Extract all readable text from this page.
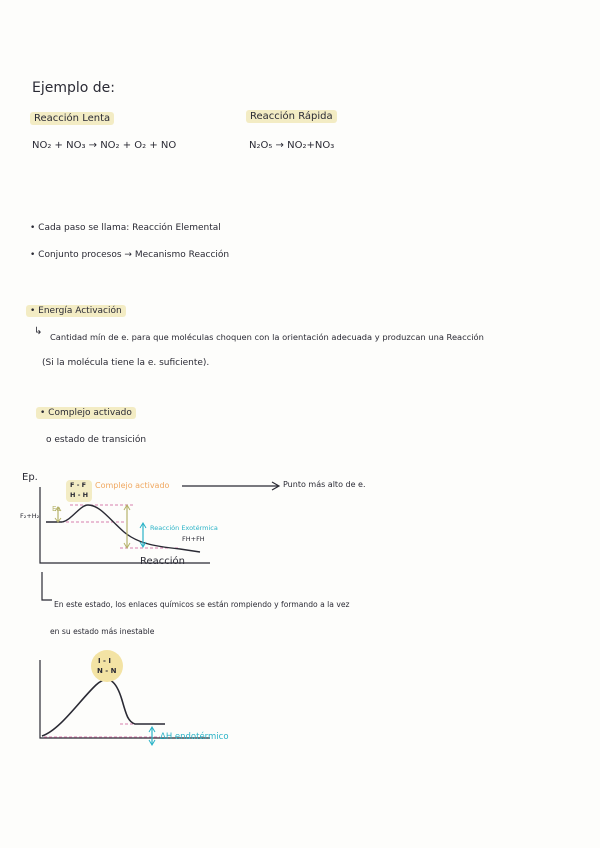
Ejemplo de:
Reacción Lenta
NO₂ + NO₃ → NO₂ + O₂ + NO
Reacción Rápida
N₂O₅ → NO₂+NO₃
• Cada paso se llama: Reacción Elemental
• Conjunto procesos → Mecanismo Reacción
• Energía Activación
↳ Cantidad mín de e. para que moléculas choquen con la orientación adecuada y produzcan una Reacción
(Si la molécula tiene la e. suficiente).
• Complejo activado
o estado de transición
Ep.
F₂+H₂
Ea
F - F
H - H
Complejo activado	Punto más alto de e.
Reacción Exotérmica
FH+FH
Reacción
En este estado, los enlaces químicos se están rompiendo y formando a la vez
en su estado más inestable
I - I
N - N
ΔH endotérmico
